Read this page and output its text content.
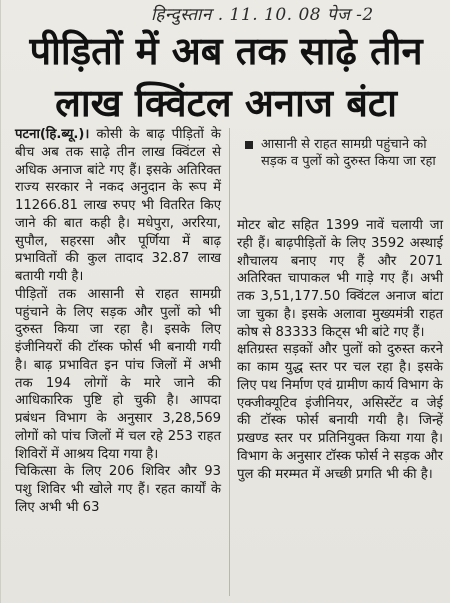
हिन्दुस्तान . 11. 10. 08 पेज -2
पीड़ितों में अब तक साढ़े तीन
लाख क्विंटल अनाज बंटा

पटना(हि.ब्यू.)। कोसी के बाढ़ पीड़ितों के बीच अब तक साढ़े तीन लाख क्विंटल से अधिक अनाज बांटे गए हैं। इसके अतिरिक्त राज्य सरकार ने नकद अनुदान के रूप में 11266.81 लाख रुपए भी वितरित किए जाने की बात कही है। मधेपुरा, अररिया, सुपौल, सहरसा और पूर्णिया में बाढ़ प्रभावितों की कुल तादाद 32.87 लाख बतायी गयी है।

पीड़ितों तक आसानी से राहत सामग्री पहुंचाने के लिए सड़क और पुलों को भी दुरुस्त किया जा रहा है। इसके लिए इंजीनियरों की टॉस्क फोर्स भी बनायी गयी है। बाढ़ प्रभावित इन पांच जिलों में अभी तक 194 लोगों के मारे जाने की आधिकारिक पुष्टि हो चुकी है। आपदा प्रबंधन विभाग के अनुसार 3,28,569 लोगों को पांच जिलों में चल रहे 253 राहत शिविरों में आश्रय दिया गया है।

चिकित्सा के लिए 206 शिविर और 93 पशु शिविर भी खोले गए हैं। रहत कार्यों के लिए अभी भी 63

आसानी से राहत सामग्री पहुंचाने को सड़क व पुलों को दुरुस्त किया जा रहा

मोटर बोट सहित 1399 नावें चलायी जा रही हैं। बाढ़पीड़ितों के लिए 3592 अस्थाई शौचालय बनाए गए हैं और 2071 अतिरिक्त चापाकल भी गाड़े गए हैं। अभी तक 3,51,177.50 क्विंटल अनाज बांटा जा चुका है। इसके अलावा मुख्यमंत्री राहत कोष से 83333 किट्स भी बांटे गए हैं।

क्षतिग्रस्त सड़कों और पुलों को दुरुस्त करने का काम युद्ध स्तर पर चल रहा है। इसके लिए पथ निर्माण एवं ग्रामीण कार्य विभाग के एक्जीक्यूटिव इंजीनियर, असिस्टेंट व जेई की टॉस्क फोर्स बनायी गयी है। जिन्हें प्रखण्ड स्तर पर प्रतिनियुक्त किया गया है। विभाग के अनुसार टॉस्क फोर्स ने सड़क और पुल की मरम्मत में अच्छी प्रगति भी की है।
